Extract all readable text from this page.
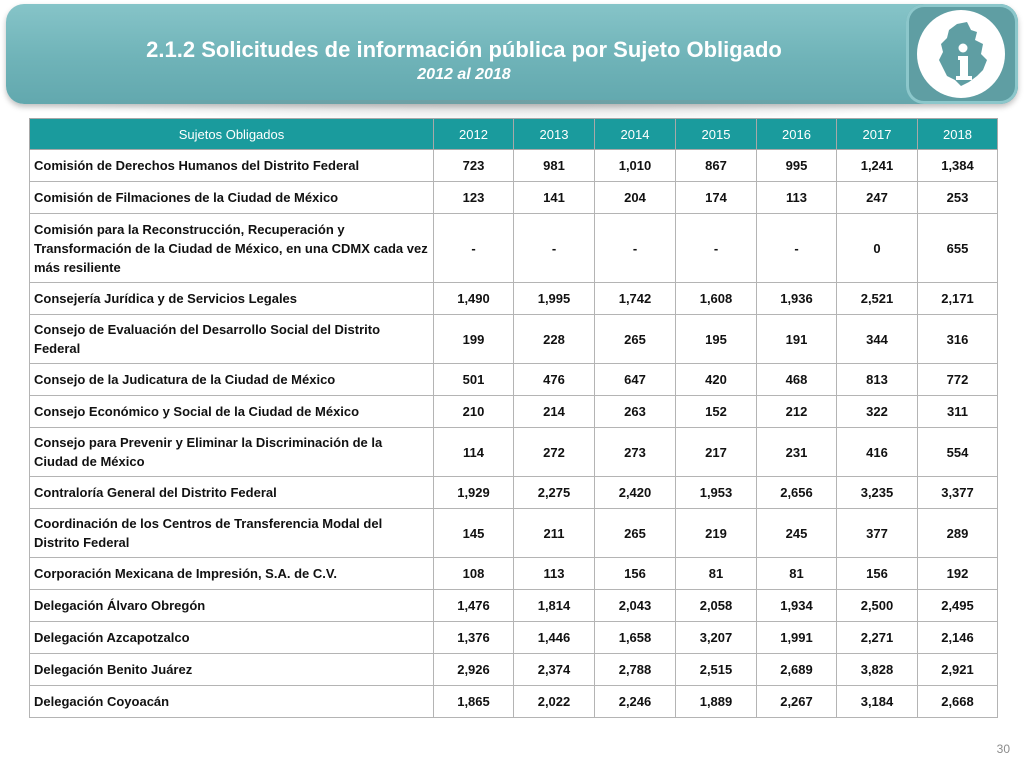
2.1.2 Solicitudes de información pública por Sujeto Obligado
2012 al 2018
Sujetos Obligados	2012	2013	2014	2015	2016	2017	2018
Comisión de Derechos Humanos del Distrito Federal	723	981	1,010	867	995	1,241	1,384
Comisión de Filmaciones de la Ciudad de México	123	141	204	174	113	247	253
Comisión para la Reconstrucción, Recuperación y Transformación de la Ciudad de México, en una CDMX cada vez más resiliente	-	-	-	-	-	0	655
Consejería Jurídica y de Servicios Legales	1,490	1,995	1,742	1,608	1,936	2,521	2,171
Consejo de Evaluación del Desarrollo Social del Distrito Federal	199	228	265	195	191	344	316
Consejo de la Judicatura de la Ciudad de México	501	476	647	420	468	813	772
Consejo Económico y Social de la Ciudad de México	210	214	263	152	212	322	311
Consejo para Prevenir y Eliminar la Discriminación de la Ciudad de México	114	272	273	217	231	416	554
Contraloría General del Distrito Federal	1,929	2,275	2,420	1,953	2,656	3,235	3,377
Coordinación de los Centros de Transferencia Modal del Distrito Federal	145	211	265	219	245	377	289
Corporación Mexicana de Impresión, S.A. de C.V.	108	113	156	81	81	156	192
Delegación Álvaro Obregón	1,476	1,814	2,043	2,058	1,934	2,500	2,495
Delegación Azcapotzalco	1,376	1,446	1,658	3,207	1,991	2,271	2,146
Delegación Benito Juárez	2,926	2,374	2,788	2,515	2,689	3,828	2,921
Delegación Coyoacán	1,865	2,022	2,246	1,889	2,267	3,184	2,668
30
